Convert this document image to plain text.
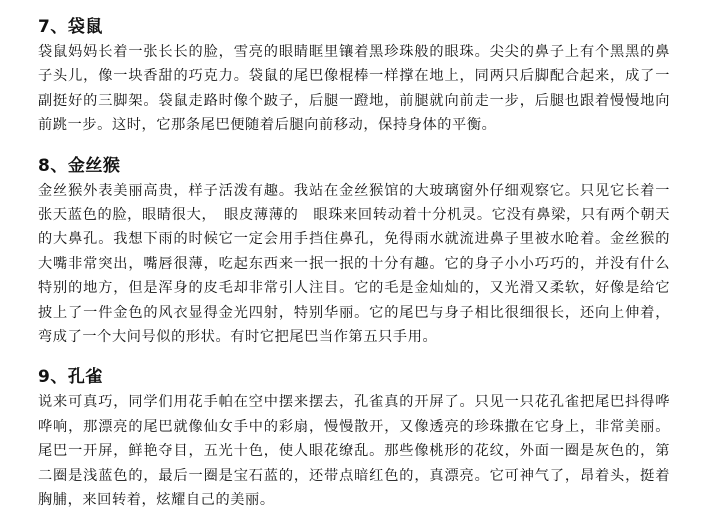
7、袋鼠

袋鼠妈妈长着一张长长的脸，雪亮的眼睛眶里镶着黑珍珠般的眼珠。尖尖的鼻子上有个黑黑的鼻子头儿，像一块香甜的巧克力。袋鼠的尾巴像棍棒一样撑在地上，同两只后脚配合起来，成了一副挺好的三脚架。袋鼠走路时像个跛子，后腿一蹬地，前腿就向前走一步，后腿也跟着慢慢地向前跳一步。这时，它那条尾巴便随着后腿向前移动，保持身体的平衡。

8、金丝猴

金丝猴外表美丽高贵，样子活泼有趣。我站在金丝猴馆的大玻璃窗外仔细观察它。只见它长着一张天蓝色的脸，眼睛很大，　眼皮薄薄的　眼珠来回转动着十分机灵。它没有鼻梁，只有两个朝天的大鼻孔。我想下雨的时候它一定会用手挡住鼻孔，免得雨水就流进鼻子里被水呛着。金丝猴的大嘴非常突出，嘴唇很薄，吃起东西来一抿一抿的十分有趣。它的身子小小巧巧的，并没有什么特别的地方，但是浑身的皮毛却非常引人注目。它的毛是金灿灿的，又光滑又柔软，好像是给它披上了一件金色的风衣显得金光四射，特别华丽。它的尾巴与身子相比很细很长，还向上伸着，弯成了一个大问号似的形状。有时它把尾巴当作第五只手用。

9、孔雀

说来可真巧，同学们用花手帕在空中摆来摆去，孔雀真的开屏了。只见一只花孔雀把尾巴抖得哗哗响，那漂亮的尾巴就像仙女手中的彩扇，慢慢散开，又像透亮的珍珠撒在它身上，非常美丽。尾巴一开屏，鲜艳夺目，五光十色，使人眼花缭乱。那些像桃形的花纹，外面一圈是灰色的，第二圈是浅蓝色的，最后一圈是宝石蓝的，还带点暗红色的，真漂亮。它可神气了，昂着头，挺着胸脯，来回转着，炫耀自己的美丽。
